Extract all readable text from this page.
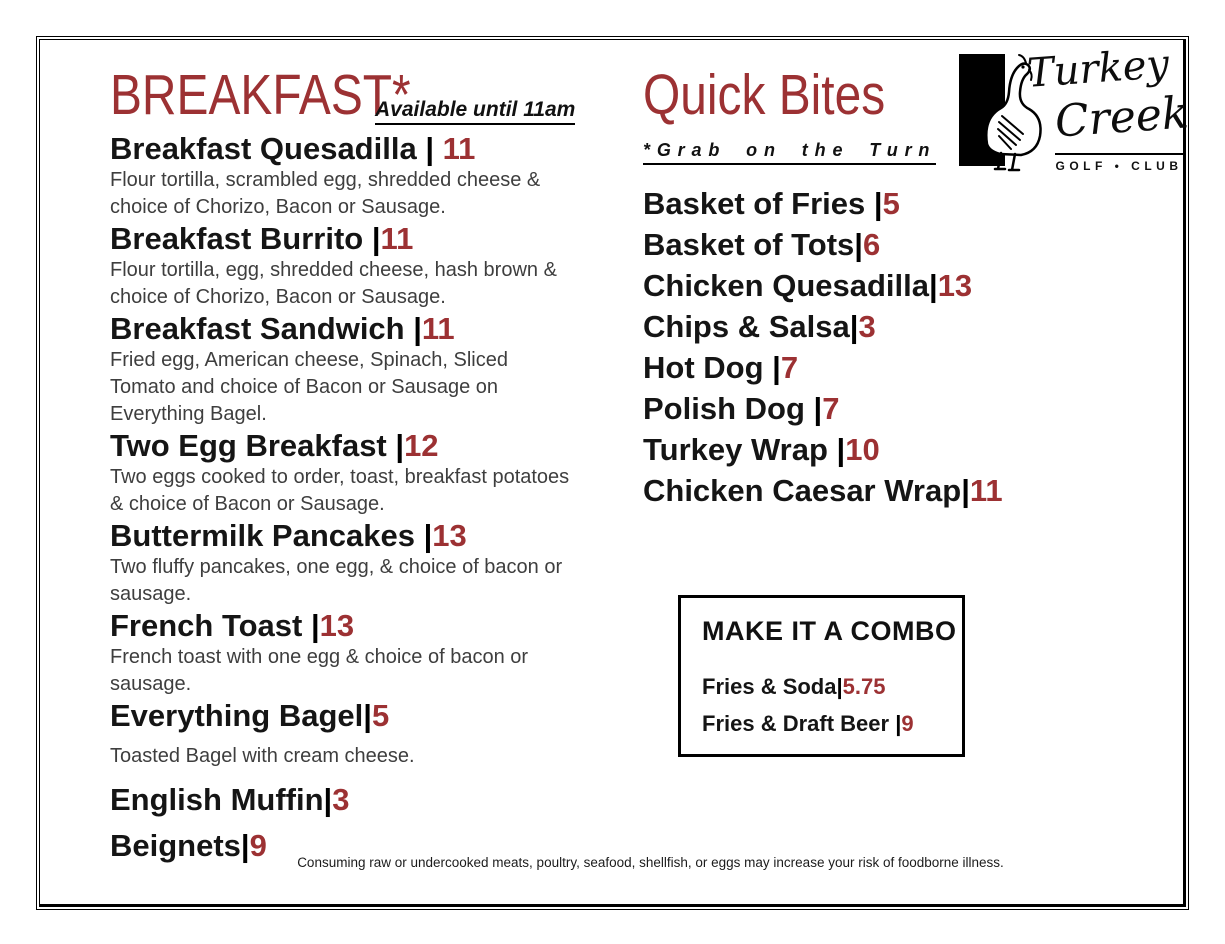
BREAKFAST*
Available until 11am
Breakfast Quesadilla | 11

Flour tortilla, scrambled egg, shredded cheese & choice of Chorizo, Bacon or Sausage.

Breakfast Burrito |11

Flour tortilla, egg, shredded cheese, hash brown & choice of Chorizo, Bacon or Sausage.

Breakfast Sandwich |11

Fried egg, American cheese, Spinach, Sliced Tomato and choice of Bacon or Sausage on Everything Bagel.

Two Egg Breakfast |12

Two eggs cooked to order, toast, breakfast potatoes & choice of Bacon or Sausage.

Buttermilk Pancakes |13

Two fluffy pancakes, one egg, & choice of bacon or sausage.

French Toast |13

French toast with one egg & choice of bacon or sausage.

Everything Bagel|5

Toasted Bagel with cream cheese.

English Muffin|3
Beignets|9
Quick Bites
*Grab on the Turn
Basket of Fries |5
Basket of Tots|6
Chicken Quesadilla|13
Chips & Salsa|3
Hot Dog |7
Polish Dog |7
Turkey Wrap |10
Chicken Caesar Wrap|11
Turkey
Creek
GOLF • CLUB
MAKE IT A COMBO
Fries & Soda|5.75
Fries & Draft Beer |9
Consuming raw or undercooked meats, poultry, seafood, shellfish, or eggs may increase your risk of foodborne illness.
